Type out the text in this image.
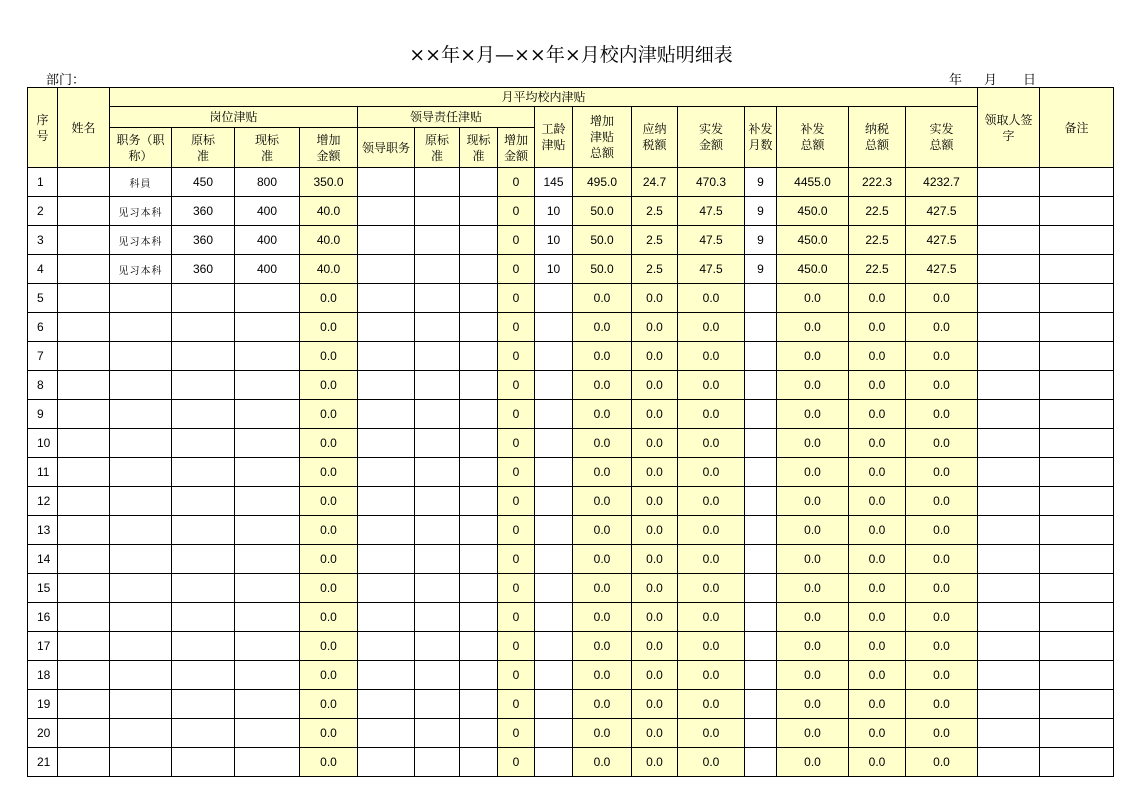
××年×月—××年×月校内津贴明细表
部门：	年 月 日
序号	姓名	月平均校内津贴																领取人签字	备注
		岗位津贴				领导责任津贴				工龄津贴	增加津贴总额	应纳税额	实发金额	补发月数	补发总额	纳税总额	实发总额		
		职务（职称）	原标准	现标准	增加金额	领导职务	原标准	现标准	增加金额										
1		科員	450	800	350.0				0	145	495.0	24.7	470.3	9	4455.0	222.3	4232.7		
2		见习本科	360	400	40.0				0	10	50.0	2.5	47.5	9	450.0	22.5	427.5		
3		见习本科	360	400	40.0				0	10	50.0	2.5	47.5	9	450.0	22.5	427.5		
4		见习本科	360	400	40.0				0	10	50.0	2.5	47.5	9	450.0	22.5	427.5		
5					0.0				0		0.0	0.0	0.0		0.0	0.0	0.0		
6					0.0				0		0.0	0.0	0.0		0.0	0.0	0.0		
7					0.0				0		0.0	0.0	0.0		0.0	0.0	0.0		
8					0.0				0		0.0	0.0	0.0		0.0	0.0	0.0		
9					0.0				0		0.0	0.0	0.0		0.0	0.0	0.0		
10					0.0				0		0.0	0.0	0.0		0.0	0.0	0.0		
11					0.0				0		0.0	0.0	0.0		0.0	0.0	0.0		
12					0.0				0		0.0	0.0	0.0		0.0	0.0	0.0		
13					0.0				0		0.0	0.0	0.0		0.0	0.0	0.0		
14					0.0				0		0.0	0.0	0.0		0.0	0.0	0.0		
15					0.0				0		0.0	0.0	0.0		0.0	0.0	0.0		
16					0.0				0		0.0	0.0	0.0		0.0	0.0	0.0		
17					0.0				0		0.0	0.0	0.0		0.0	0.0	0.0		
18					0.0				0		0.0	0.0	0.0		0.0	0.0	0.0		
19					0.0				0		0.0	0.0	0.0		0.0	0.0	0.0		
20					0.0				0		0.0	0.0	0.0		0.0	0.0	0.0		
21					0.0				0		0.0	0.0	0.0		0.0	0.0	0.0		
